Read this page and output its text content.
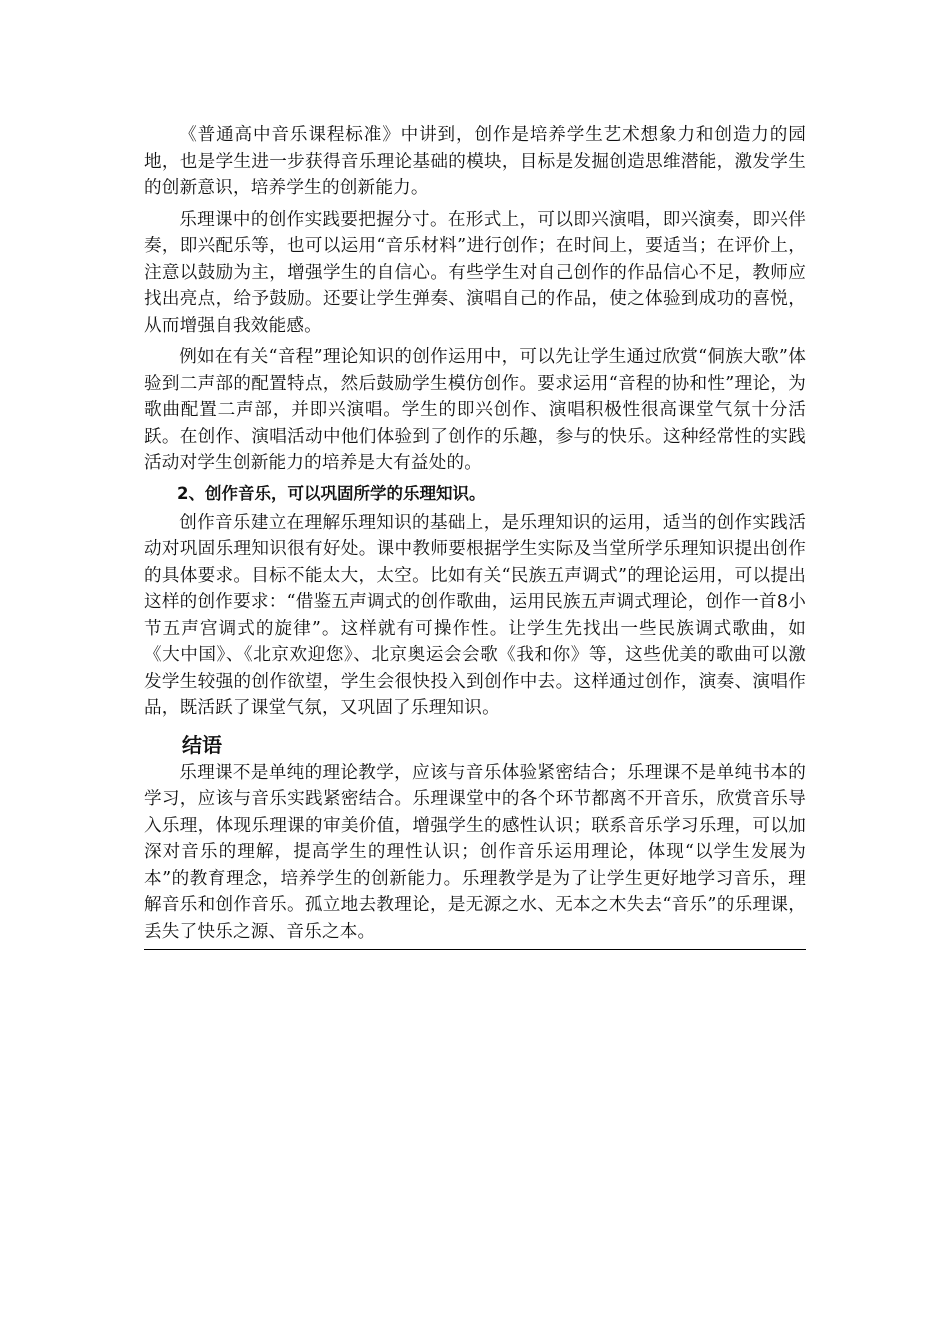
《普通高中音乐课程标准》中讲到，创作是培养学生艺术想象力和创造力的园地，也是学生进一步获得音乐理论基础的模块，目标是发掘创造思维潜能，激发学生的创新意识，培养学生的创新能力。

乐理课中的创作实践要把握分寸。在形式上，可以即兴演唱，即兴演奏，即兴伴奏，即兴配乐等，也可以运用“音乐材料”进行创作；在时间上，要适当；在评价上，注意以鼓励为主，增强学生的自信心。有些学生对自己创作的作品信心不足，教师应找出亮点，给予鼓励。还要让学生弹奏、演唱自己的作品，使之体验到成功的喜悦，从而增强自我效能感。

例如在有关“音程”理论知识的创作运用中，可以先让学生通过欣赏“侗族大歌”体验到二声部的配置特点，然后鼓励学生模仿创作。要求运用“音程的协和性”理论，为歌曲配置二声部，并即兴演唱。学生的即兴创作、演唱积极性很高课堂气氛十分活跃。在创作、演唱活动中他们体验到了创作的乐趣，参与的快乐。这种经常性的实践活动对学生创新能力的培养是大有益处的。

2、创作音乐，可以巩固所学的乐理知识。

创作音乐建立在理解乐理知识的基础上，是乐理知识的运用，适当的创作实践活动对巩固乐理知识很有好处。课中教师要根据学生实际及当堂所学乐理知识提出创作的具体要求。目标不能太大，太空。比如有关“民族五声调式”的理论运用，可以提出这样的创作要求：“借鉴五声调式的创作歌曲，运用民族五声调式理论，创作一首8小节五声宫调式的旋律”。这样就有可操作性。让学生先找出一些民族调式歌曲，如《大中国》、《北京欢迎您》、北京奥运会会歌《我和你》等，这些优美的歌曲可以激发学生较强的创作欲望，学生会很快投入到创作中去。这样通过创作，演奏、演唱作品，既活跃了课堂气氛，又巩固了乐理知识。

结语

乐理课不是单纯的理论教学，应该与音乐体验紧密结合；乐理课不是单纯书本的学习，应该与音乐实践紧密结合。乐理课堂中的各个环节都离不开音乐，欣赏音乐导入乐理，体现乐理课的审美价值，增强学生的感性认识；联系音乐学习乐理，可以加深对音乐的理解，提高学生的理性认识；创作音乐运用理论，体现“以学生发展为本”的教育理念，培养学生的创新能力。乐理教学是为了让学生更好地学习音乐，理解音乐和创作音乐。孤立地去教理论，是无源之水、无本之木失去“音乐”的乐理课，丢失了快乐之源、音乐之本。
